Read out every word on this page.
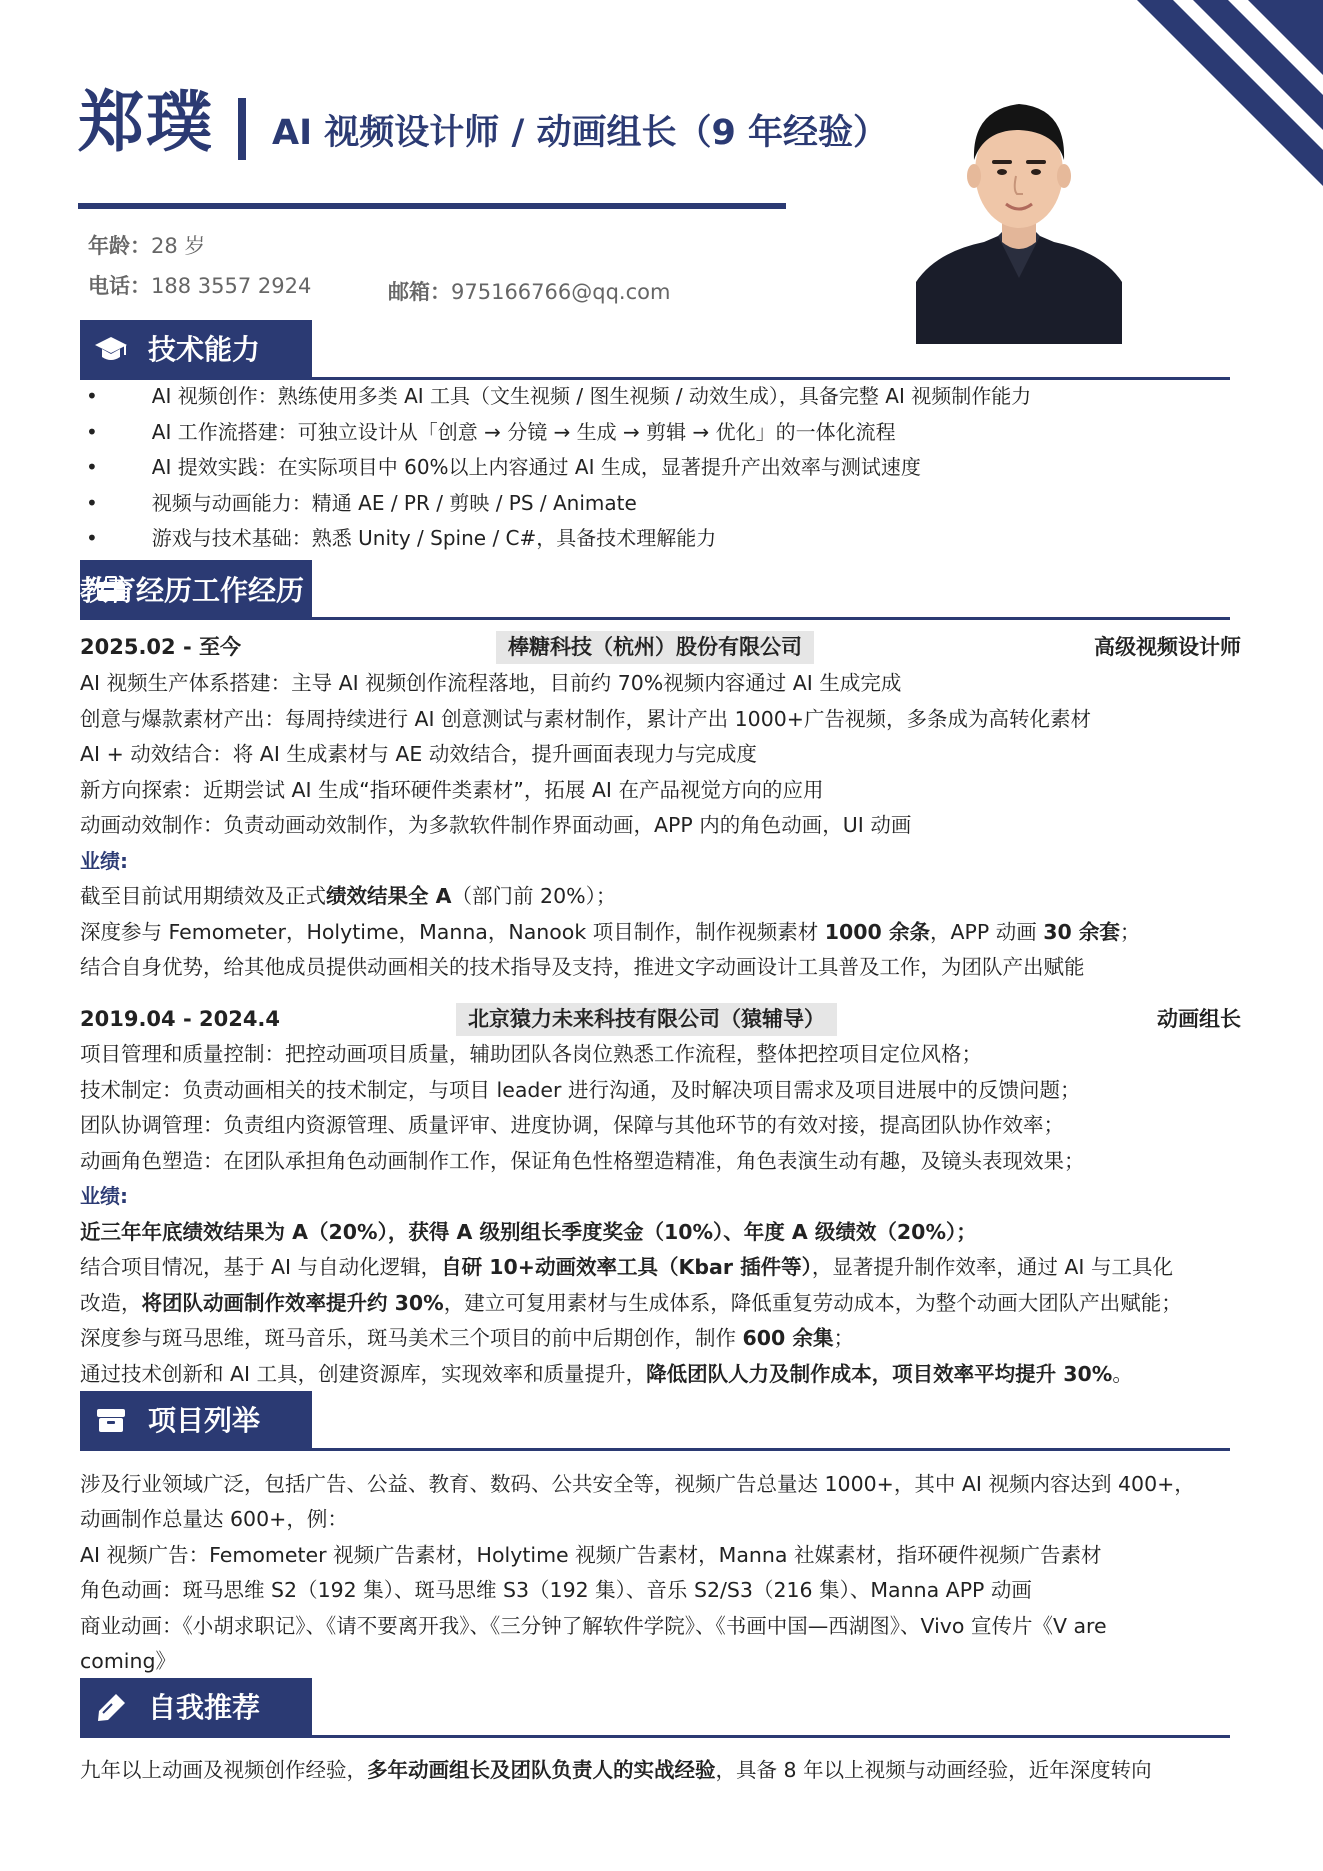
郑璞 AI 视频设计师 / 动画组长（9 年经验）
年龄：28 岁
电话：188 3557 2924	邮箱：975166766@qq.com
技术能力
•	AI 视频创作：熟练使用多类 AI 工具（文生视频 / 图生视频 / 动效生成），具备完整 AI 视频制作能力
•	AI 工作流搭建：可独立设计从「创意 → 分镜 → 生成 → 剪辑 → 优化」的一体化流程
•	AI 提效实践：在实际项目中 60%以上内容通过 AI 生成，显著提升产出效率与测试速度
•	视频与动画能力：精通 AE / PR / 剪映 / PS / Animate
•	游戏与技术基础：熟悉 Unity / Spine / C#，具备技术理解能力
教育经历工作经历
2025.02 - 至今	棒糖科技（杭州）股份有限公司	高级视频设计师
AI 视频生产体系搭建：主导 AI 视频创作流程落地，目前约 70%视频内容通过 AI 生成完成
创意与爆款素材产出：每周持续进行 AI 创意测试与素材制作，累计产出 1000+广告视频，多条成为高转化素材
AI + 动效结合：将 AI 生成素材与 AE 动效结合，提升画面表现力与完成度
新方向探索：近期尝试 AI 生成“指环硬件类素材”，拓展 AI 在产品视觉方向的应用
动画动效制作：负责动画动效制作，为多款软件制作界面动画，APP 内的角色动画，UI 动画
业绩:
截至目前试用期绩效及正式绩效结果全 A（部门前 20%）；
深度参与 Femometer，Holytime，Manna，Nanook 项目制作，制作视频素材 1000 余条，APP 动画 30 余套；
结合自身优势，给其他成员提供动画相关的技术指导及支持，推进文字动画设计工具普及工作，为团队产出赋能
2019.04 - 2024.4	北京猿力未来科技有限公司（猿辅导）	动画组长
项目管理和质量控制：把控动画项目质量，辅助团队各岗位熟悉工作流程，整体把控项目定位风格；
技术制定：负责动画相关的技术制定，与项目 leader 进行沟通，及时解决项目需求及项目进展中的反馈问题；
团队协调管理：负责组内资源管理、质量评审、进度协调，保障与其他环节的有效对接，提高团队协作效率；
动画角色塑造：在团队承担角色动画制作工作，保证角色性格塑造精准，角色表演生动有趣，及镜头表现效果；
业绩:
近三年年底绩效结果为 A（20%），获得 A 级别组长季度奖金（10%）、年度 A 级绩效（20%）；
结合项目情况，基于 AI 与自动化逻辑，自研 10+动画效率工具（Kbar 插件等），显著提升制作效率，通过 AI 与工具化
改造，将团队动画制作效率提升约 30%，建立可复用素材与生成体系，降低重复劳动成本，为整个动画大团队产出赋能；
深度参与斑马思维，斑马音乐，斑马美术三个项目的前中后期创作，制作 600 余集；
通过技术创新和 AI 工具，创建资源库，实现效率和质量提升，降低团队人力及制作成本，项目效率平均提升 30%。
项目列举
涉及行业领域广泛，包括广告、公益、教育、数码、公共安全等，视频广告总量达 1000+，其中 AI 视频内容达到 400+，
动画制作总量达 600+，例：
AI 视频广告：Femometer 视频广告素材，Holytime 视频广告素材，Manna 社媒素材，指环硬件视频广告素材
角色动画：斑马思维 S2（192 集）、斑马思维 S3（192 集）、音乐 S2/S3（216 集）、Manna APP 动画
商业动画：《小胡求职记》、《请不要离开我》、《三分钟了解软件学院》、《书画中国—西湖图》、Vivo 宣传片《V are
coming》
自我推荐
九年以上动画及视频创作经验，多年动画组长及团队负责人的实战经验，具备 8 年以上视频与动画经验，近年深度转向
